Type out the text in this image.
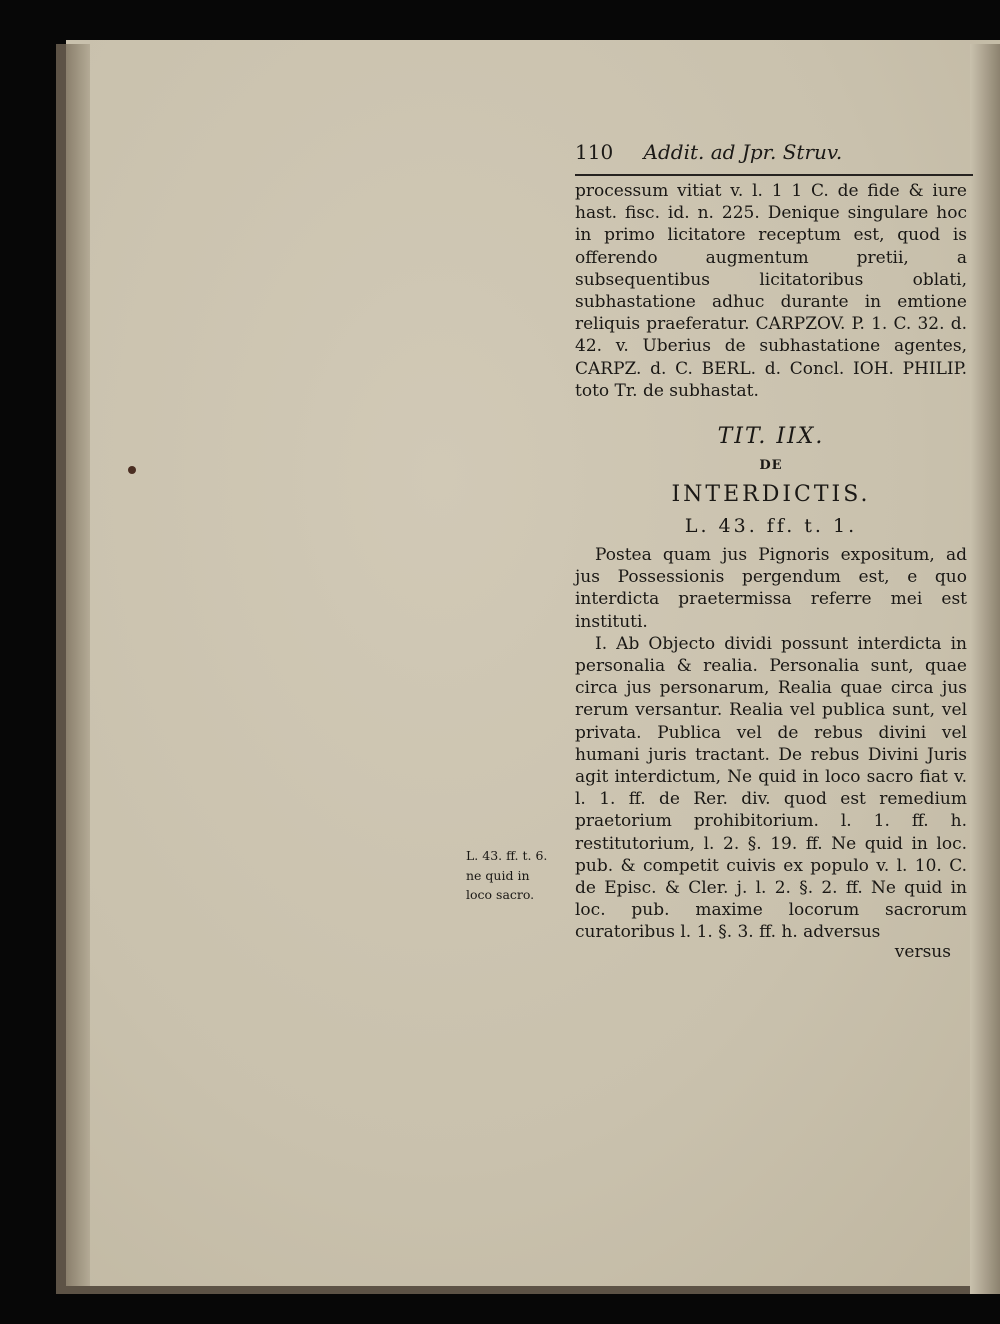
110 Addit. ad Jpr. Struv.

processum vitiat v. l. 1 1 C. de fide & iure hast. fisc. id. n. 225. Denique singulare hoc in primo licitatore receptum est, quod is offerendo augmentum pretii, a subsequentibus licitatoribus oblati, subhastatione adhuc durante in emtione reliquis praeferatur. CARPZOV. P. 1. C. 32. d. 42. v. Uberius de subhastatione agentes, CARPZ. d. C. BERL. d. Concl. IOH. PHILIP. toto Tr. de subhastat.

TIT. IIX.
DE
INTERDICTIS.
L. 43. ff. t. 1.

Postea quam jus Pignoris expositum, ad jus Possessionis pergendum est, e quo interdicta praetermissa referre mei est instituti.

I. Ab Objecto dividi possunt interdicta in personalia & realia. Personalia sunt, quae circa jus personarum, Realia quae circa jus rerum versantur. Realia vel publica sunt, vel privata. Publica vel de rebus divini vel humani juris tractant. De rebus Divini Juris agit interdictum, Ne quid in loco sacro fiat v. l. 1. ff. de Rer. div. quod est remedium praetorium prohibitorium. l. 1. ff. h. restitutorium, l. 2. §. 19. ff. Ne quid in loc. pub. & competit cuivis ex populo v. l. 10. C. de Episc. & Cler. j. l. 2. §. 2. ff. Ne quid in loc. pub. maxime locorum sacrorum curatoribus l. 1. §. 3. ff. h. adversus

versus
L. 43. ff. t. 6.
ne quid in
loco sacro.
